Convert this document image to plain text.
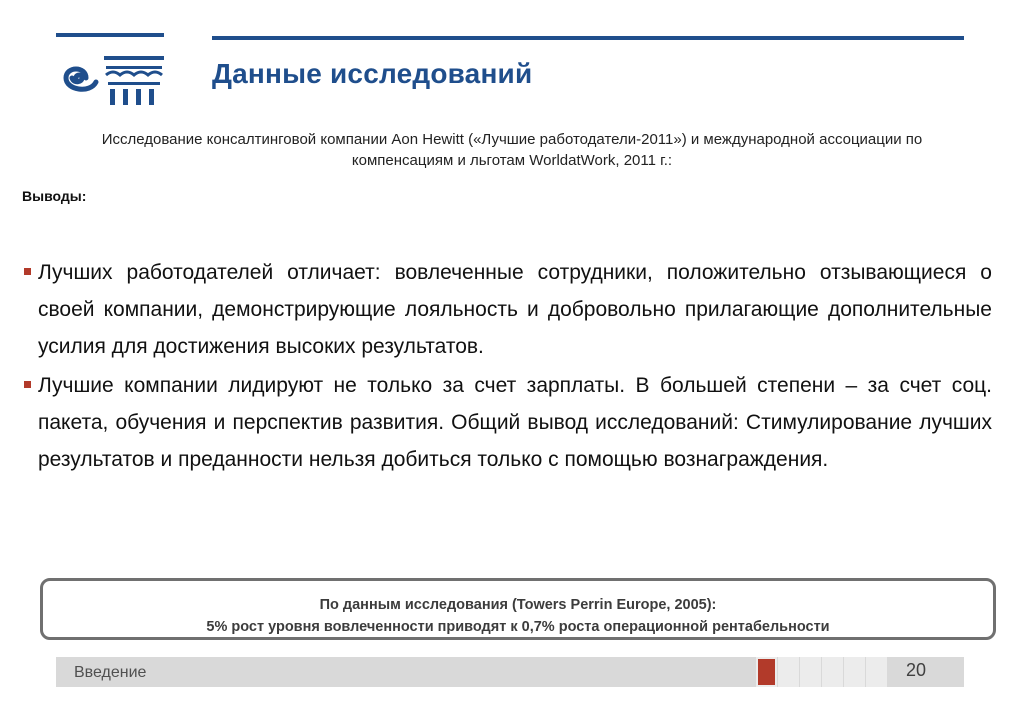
Данные исследований
Исследование консалтинговой компании Aon Hewitt («Лучшие работодатели-2011») и международной ассоциации по компенсациям и льготам WorldatWork, 2011 г.:
Выводы:
Лучших работодателей отличает: вовлеченные сотрудники, положительно отзывающиеся о своей компании, демонстрирующие лояльность и добровольно прилагающие дополнительные усилия для достижения высоких результатов.
Лучшие компании лидируют не только за счет зарплаты. В большей степени – за счет соц. пакета, обучения и перспектив развития. Общий вывод исследований: Стимулирование лучших результатов и преданности нельзя добиться только с помощью вознаграждения.
По данным исследования (Towers Perrin Europe, 2005):
5% рост уровня вовлеченности приводят к 0,7% роста операционной рентабельности
Введение	20
